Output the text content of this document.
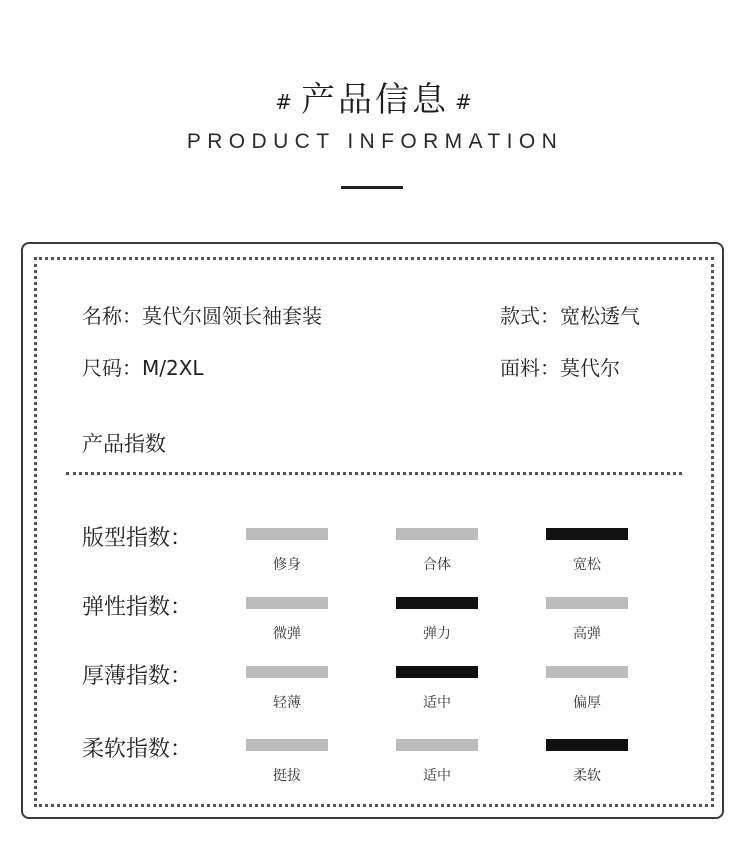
# 产品信息 #
PRODUCT INFORMATION
名称：莫代尔圆领长袖套装	款式：宽松透气
尺码：M/2XL	面料：莫代尔
产品指数
版型指数：
修身	合体	宽松
弹性指数：
微弹	弹力	高弹
厚薄指数：
轻薄	适中	偏厚
柔软指数：
挺拔	适中	柔软
